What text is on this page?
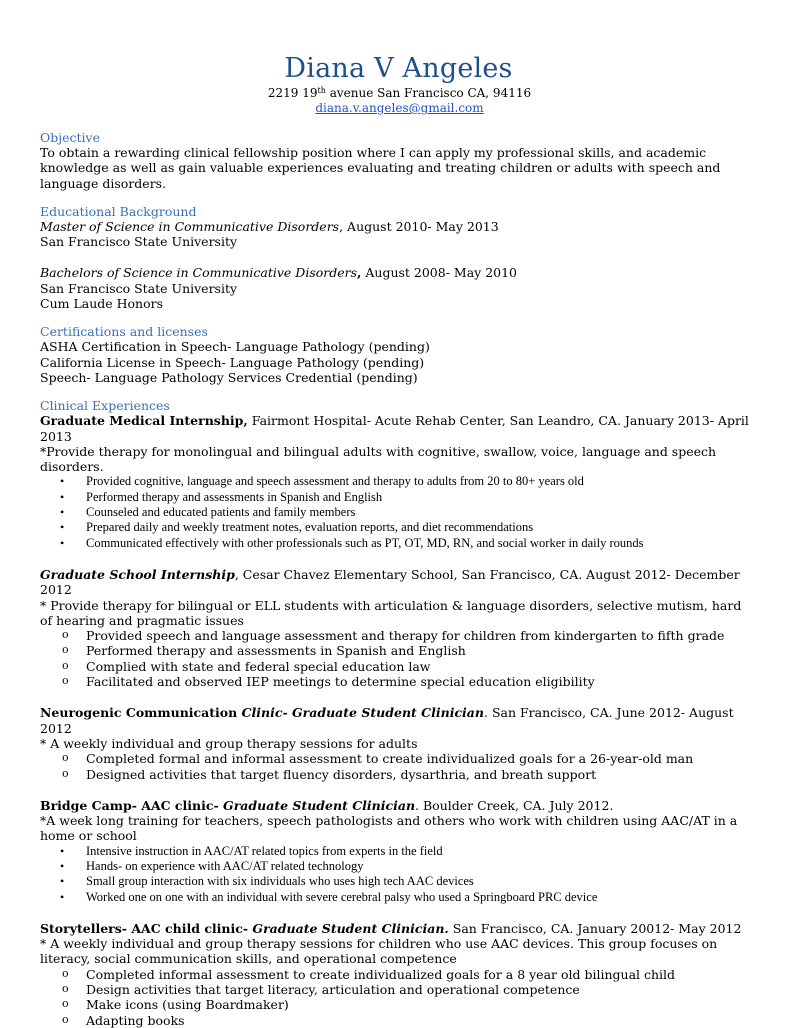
Diana V Angeles
2219 19th avenue San Francisco CA, 94116
diana.v.angeles@gmail.com
Objective
To obtain a rewarding clinical fellowship position where I can apply my professional skills, and academic knowledge as well as gain valuable experiences evaluating and treating children or adults with speech and language disorders.
Educational Background
Master of Science in Communicative Disorders, August 2010- May 2013
San Francisco State University
Bachelors of Science in Communicative Disorders, August 2008- May 2010
San Francisco State University
Cum Laude Honors
Certifications and licenses
ASHA Certification in Speech- Language Pathology (pending)
California License in Speech- Language Pathology (pending)
Speech- Language Pathology Services Credential (pending)
Clinical Experiences
Graduate Medical Internship, Fairmont Hospital- Acute Rehab Center, San Leandro, CA. January 2013- April 2013
*Provide therapy for monolingual and bilingual adults with cognitive, swallow, voice, language and speech disorders.
• Provided cognitive, language and speech assessment and therapy to adults from 20 to 80+ years old
• Performed therapy and assessments in Spanish and English
• Counseled and educated patients and family members
• Prepared daily and weekly treatment notes, evaluation reports, and diet recommendations
• Communicated effectively with other professionals such as PT, OT, MD, RN, and social worker in daily rounds
Graduate School Internship, Cesar Chavez Elementary School, San Francisco, CA. August 2012- December 2012
* Provide therapy for bilingual or ELL students with articulation & language disorders, selective mutism, hard of hearing and pragmatic issues
o Provided speech and language assessment and therapy for children from kindergarten to fifth grade
o Performed therapy and assessments in Spanish and English
o Complied with state and federal special education law
o Facilitated and observed IEP meetings to determine special education eligibility
Neurogenic Communication Clinic- Graduate Student Clinician. San Francisco, CA. June 2012- August 2012
* A weekly individual and group therapy sessions for adults
o Completed formal and informal assessment to create individualized goals for a 26-year-old man
o Designed activities that target fluency disorders, dysarthria, and breath support
Bridge Camp- AAC clinic- Graduate Student Clinician. Boulder Creek, CA. July 2012.
*A week long training for teachers, speech pathologists and others who work with children using AAC/AT in a home or school
• Intensive instruction in AAC/AT related topics from experts in the field
• Hands- on experience with AAC/AT related technology
• Small group interaction with six individuals who uses high tech AAC devices
• Worked one on one with an individual with severe cerebral palsy who used a Springboard PRC device
Storytellers- AAC child clinic- Graduate Student Clinician. San Francisco, CA. January 20012- May 2012
* A weekly individual and group therapy sessions for children who use AAC devices. This group focuses on literacy, social communication skills, and operational competence
o Completed informal assessment to create individualized goals for a 8 year old bilingual child
o Design activities that target literacy, articulation and operational competence
o Make icons (using Boardmaker)
o Adapting books
